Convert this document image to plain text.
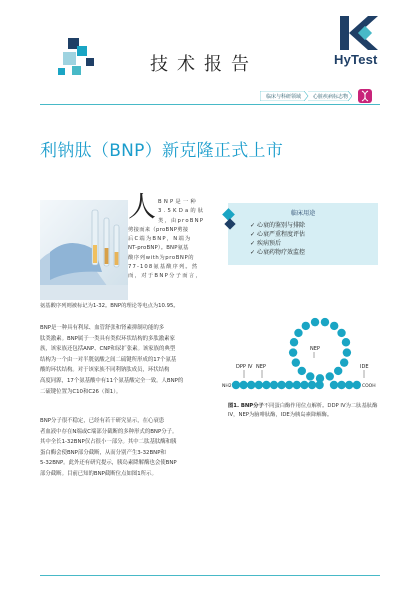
HyTest
技术报告
临床与科研领域 心脏疾病标志物
利钠肽（BNP）新克隆正式上市
人 BNP是一种
3.5KDa的肽
类，由proBNP
剪接而来（proBNP剪接
后C端为BNP，N端为
NT-proBNP）。BNP氨基
酸序列with为proBNP的
77-108氨基酸序列。然
而，对于BNP分子而言，
氨基酸序列则被标记为1-32。BNP的理论等电点为10.95。
临床用途
✓ 心衰的鉴别与排除
✓ 心衰严重程度评估
✓ 疾病预后
✓ 心衰药物疗效监控
BNP是一种具有利尿、血管舒张和肾素抑制功能的多
肽类激素。BNP属于一类具有类似环状结构的多肽激素家
族，该家族还包括ANP、CNP和尿扩张素。该家族的典型
结构为一个由一对半胱氨酸之间二硫键所形成的17个氨基
酸的环状结构。对于该家族不同利钠肽成员，环状结构
高度同源，17个氨基酸中有11个氨基酸完全一致。人BNP的
二硫键位置为C10和C26（图1）。
BNP分子很不稳定，已经有若干研究显示，在心衰患
者血液中存在N端或C端部分截断的多种形式的BNP分子。
其中全长1-32BNP仅占很小一部分。其中二肽基肽酶和胰
蛋白酶会使BNP部分截断，从而分别产生3-32BNP和
5-32BNP。此外还有研究提示，胰岛素降解酶也会使BNP
部分截断。目前已知的BNP截断位点如图1所示。
NEP
DPP IV NEP	IDE
NH2	COOH
图1. BNP分子不同蛋白酶作用位点解析。DDP IV为二肽基肽酶
IV，NEP为脑啡肽酶，IDE为胰岛素降解酶。
